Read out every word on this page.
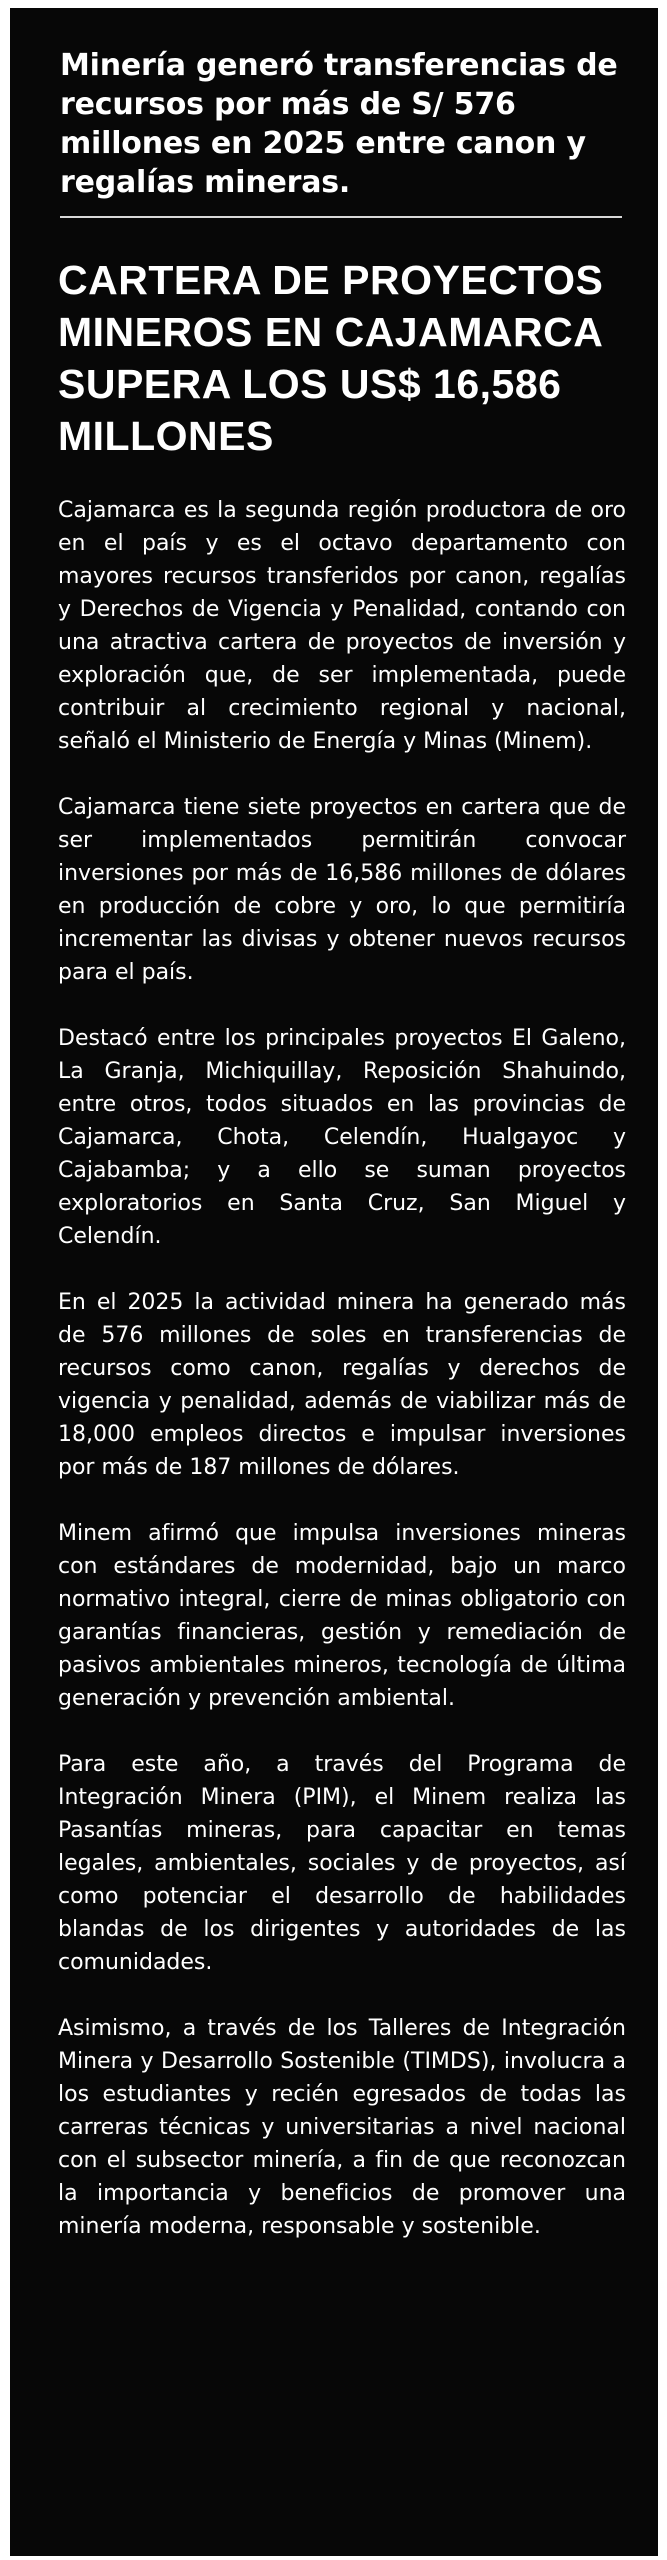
Minería generó transferencias de recursos por más de S/ 576 millones en 2025 entre canon y regalías mineras.
CARTERA DE PROYECTOS MINEROS EN CAJAMARCA SUPERA LOS US$ 16,586 MILLONES

Cajamarca es la segunda región productora de oro en el país y es el octavo departamento con mayores recursos transferidos por canon, regalías y Derechos de Vigencia y Penalidad, contando con una atractiva cartera de proyectos de inversión y exploración que, de ser implementada, puede contribuir al crecimiento regional y nacional, señaló el Ministerio de Energía y Minas (Minem).

Cajamarca tiene siete proyectos en cartera que de ser implementados permitirán convocar inversiones por más de 16,586 millones de dólares en producción de cobre y oro, lo que permitiría incrementar las divisas y obtener nuevos recursos para el país.

Destacó entre los principales proyectos El Galeno, La Granja, Michiquillay, Reposición Shahuindo, entre otros, todos situados en las provincias de Cajamarca, Chota, Celendín, Hualgayoc y Cajabamba; y a ello se suman proyectos exploratorios en Santa Cruz, San Miguel y Celendín.

En el 2025 la actividad minera ha generado más de 576 millones de soles en transferencias de recursos como canon, regalías y derechos de vigencia y penalidad, además de viabilizar más de 18,000 empleos directos e impulsar inversiones por más de 187 millones de dólares.

Minem afirmó que impulsa inversiones mineras con estándares de modernidad, bajo un marco normativo integral, cierre de minas obligatorio con garantías financieras, gestión y remediación de pasivos ambientales mineros, tecnología de última generación y prevención ambiental.

Para este año, a través del Programa de Integración Minera (PIM), el Minem realiza las Pasantías mineras, para capacitar en temas legales, ambientales, sociales y de proyectos, así como potenciar el desarrollo de habilidades blandas de los dirigentes y autoridades de las comunidades.

Asimismo, a través de los Talleres de Integración Minera y Desarrollo Sostenible (TIMDS), involucra a los estudiantes y recién egresados de todas las carreras técnicas y universitarias a nivel nacional con el subsector minería, a fin de que reconozcan la importancia y beneficios de promover una minería moderna, responsable y sostenible.
